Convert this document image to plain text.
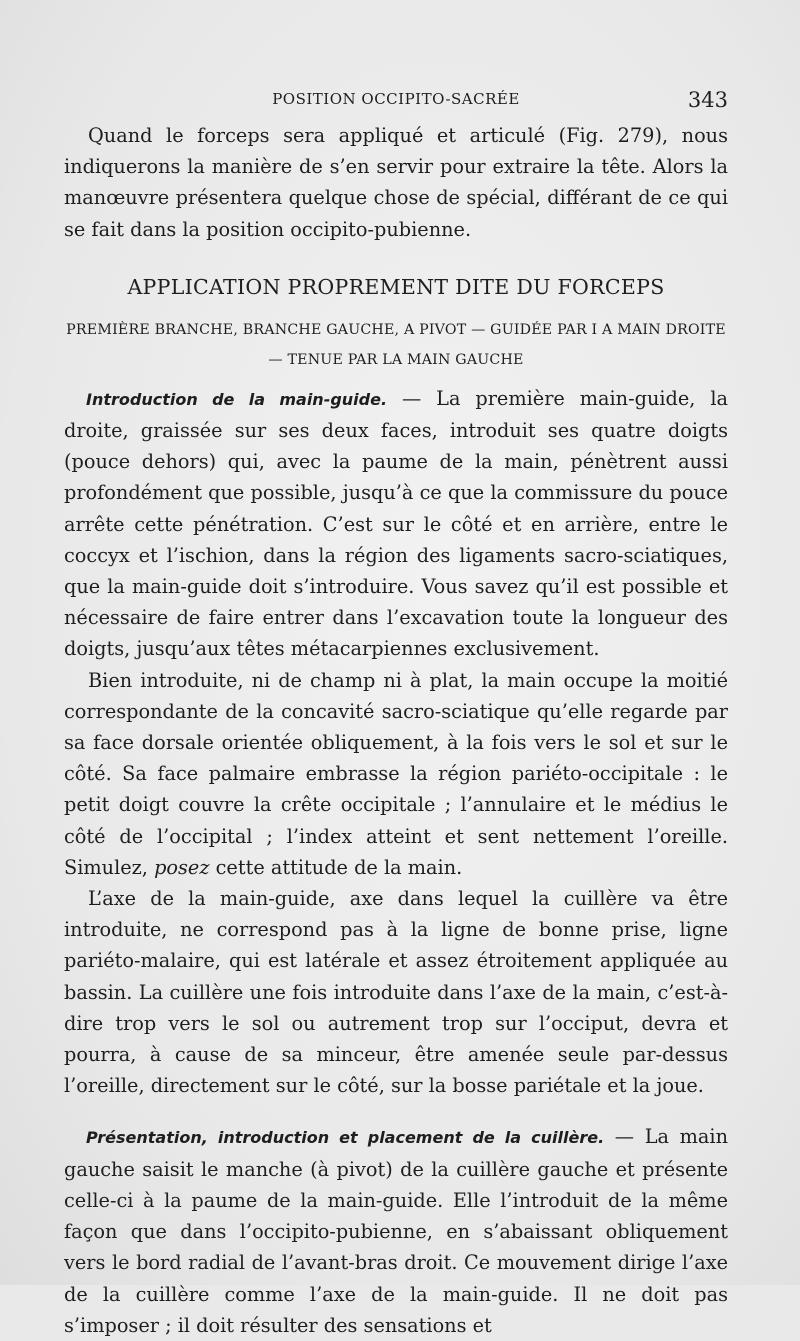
POSITION OCCIPITO-SACRÉE	343

Quand le forceps sera appliqué et articulé (Fig. 279), nous indiquerons la manière de s’en servir pour extraire la tête. Alors la manœuvre présentera quelque chose de spécial, différant de ce qui se fait dans la position occipito-pubienne.

APPLICATION PROPREMENT DITE DU FORCEPS
PREMIÈRE BRANCHE, BRANCHE GAUCHE, A PIVOT — GUIDÉE PAR I A MAIN DROITE
— TENUE PAR LA MAIN GAUCHE

Introduction de la main-guide. — La première main-guide, la droite, graissée sur ses deux faces, introduit ses quatre doigts (pouce dehors) qui, avec la paume de la main, pénètrent aussi profondément que possible, jusqu’à ce que la commissure du pouce arrête cette pénétration. C’est sur le côté et en arrière, entre le coccyx et l’ischion, dans la région des ligaments sacro-sciatiques, que la main-guide doit s’introduire. Vous savez qu’il est possible et nécessaire de faire entrer dans l’excavation toute la longueur des doigts, jusqu’aux têtes métacarpiennes exclusivement.

Bien introduite, ni de champ ni à plat, la main occupe la moitié correspondante de la concavité sacro-sciatique qu’elle regarde par sa face dorsale orientée obliquement, à la fois vers le sol et sur le côté. Sa face palmaire embrasse la région pariéto-occipitale : le petit doigt couvre la crête occipitale ; l’annulaire et le médius le côté de l’occipital ; l’index atteint et sent nettement l’oreille. Simulez, posez cette attitude de la main.

L’axe de la main-guide, axe dans lequel la cuillère va être introduite, ne correspond pas à la ligne de bonne prise, ligne pariéto-malaire, qui est latérale et assez étroitement appliquée au bassin. La cuillère une fois introduite dans l’axe de la main, c’est-à-dire trop vers le sol ou autrement trop sur l’occiput, devra et pourra, à cause de sa minceur, être amenée seule par-dessus l’oreille, directement sur le côté, sur la bosse pariétale et la joue.

Présentation, introduction et placement de la cuillère. — La main gauche saisit le manche (à pivot) de la cuillère gauche et présente celle-ci à la paume de la main-guide. Elle l’introduit de la même façon que dans l’occipito-pubienne, en s’abaissant obliquement vers le bord radial de l’avant-bras droit. Ce mouvement dirige l’axe de la cuillère comme l’axe de la main-guide. Il ne doit pas s’imposer ; il doit résulter des sensations et
